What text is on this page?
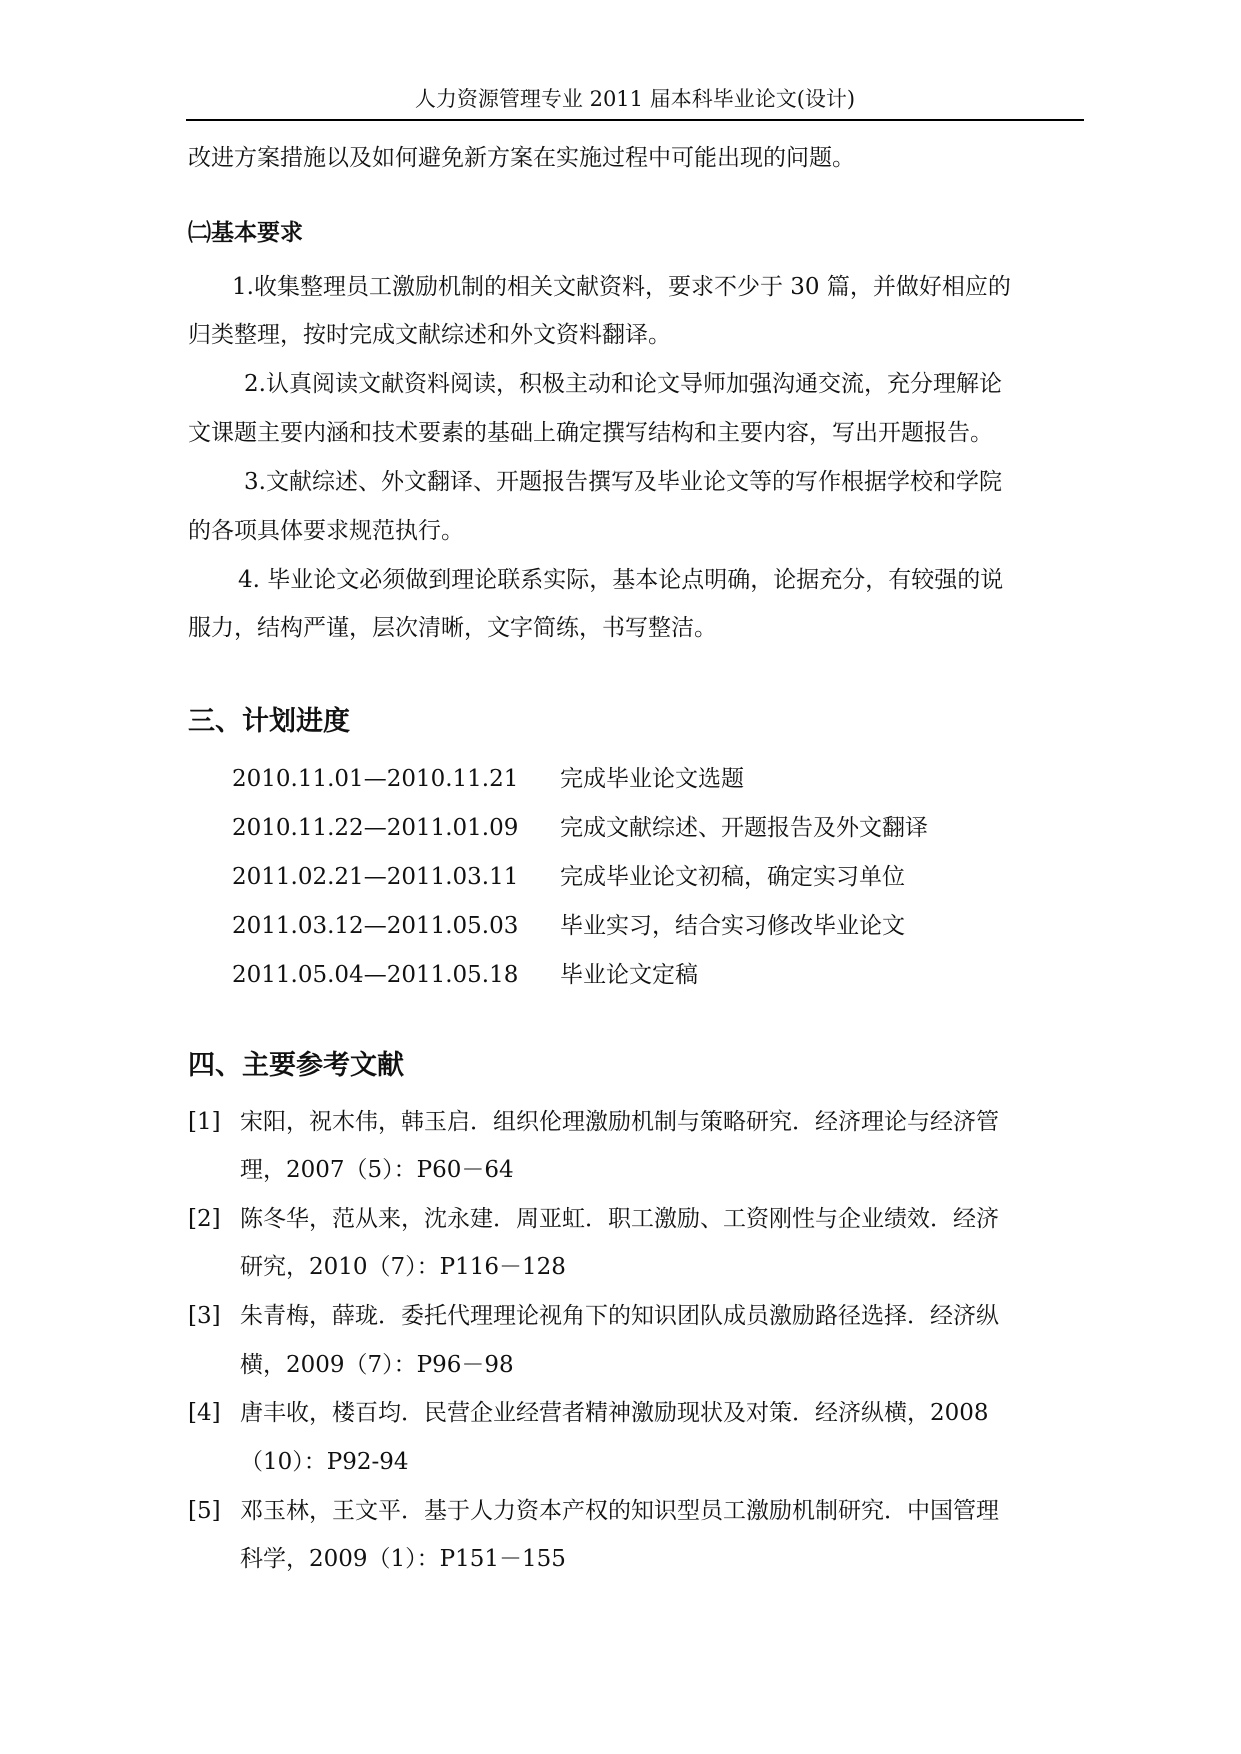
人力资源管理专业 2011 届本科毕业论文(设计)
改进方案措施以及如何避免新方案在实施过程中可能出现的问题。
㈡基本要求
1.收集整理员工激励机制的相关文献资料，要求不少于 30 篇，并做好相应的
归类整理，按时完成文献综述和外文资料翻译。
2.认真阅读文献资料阅读，积极主动和论文导师加强沟通交流，充分理解论
文课题主要内涵和技术要素的基础上确定撰写结构和主要内容，写出开题报告。
3.文献综述、外文翻译、开题报告撰写及毕业论文等的写作根据学校和学院
的各项具体要求规范执行。
4. 毕业论文必须做到理论联系实际，基本论点明确，论据充分，有较强的说
服力，结构严谨，层次清晰，文字简练，书写整洁。
三、计划进度
2010.11.01—2010.11.21 完成毕业论文选题
2010.11.22—2011.01.09 完成文献综述、开题报告及外文翻译
2011.02.21—2011.03.11 完成毕业论文初稿，确定实习单位
2011.03.12—2011.05.03 毕业实习，结合实习修改毕业论文
2011.05.04—2011.05.18 毕业论文定稿
四、主要参考文献
[1] 宋阳，祝木伟，韩玉启．组织伦理激励机制与策略研究．经济理论与经济管
理，2007（5）：P60－64
[2] 陈冬华，范从来，沈永建．周亚虹．职工激励、工资刚性与企业绩效．经济
研究，2010（7）：P116－128
[3] 朱青梅，薛珑．委托代理理论视角下的知识团队成员激励路径选择．经济纵
横，2009（7）：P96－98
[4] 唐丰收，楼百均．民营企业经营者精神激励现状及对策．经济纵横，2008
（10）：P92-94
[5] 邓玉林，王文平．基于人力资本产权的知识型员工激励机制研究．中国管理
科学，2009（1）：P151－155
